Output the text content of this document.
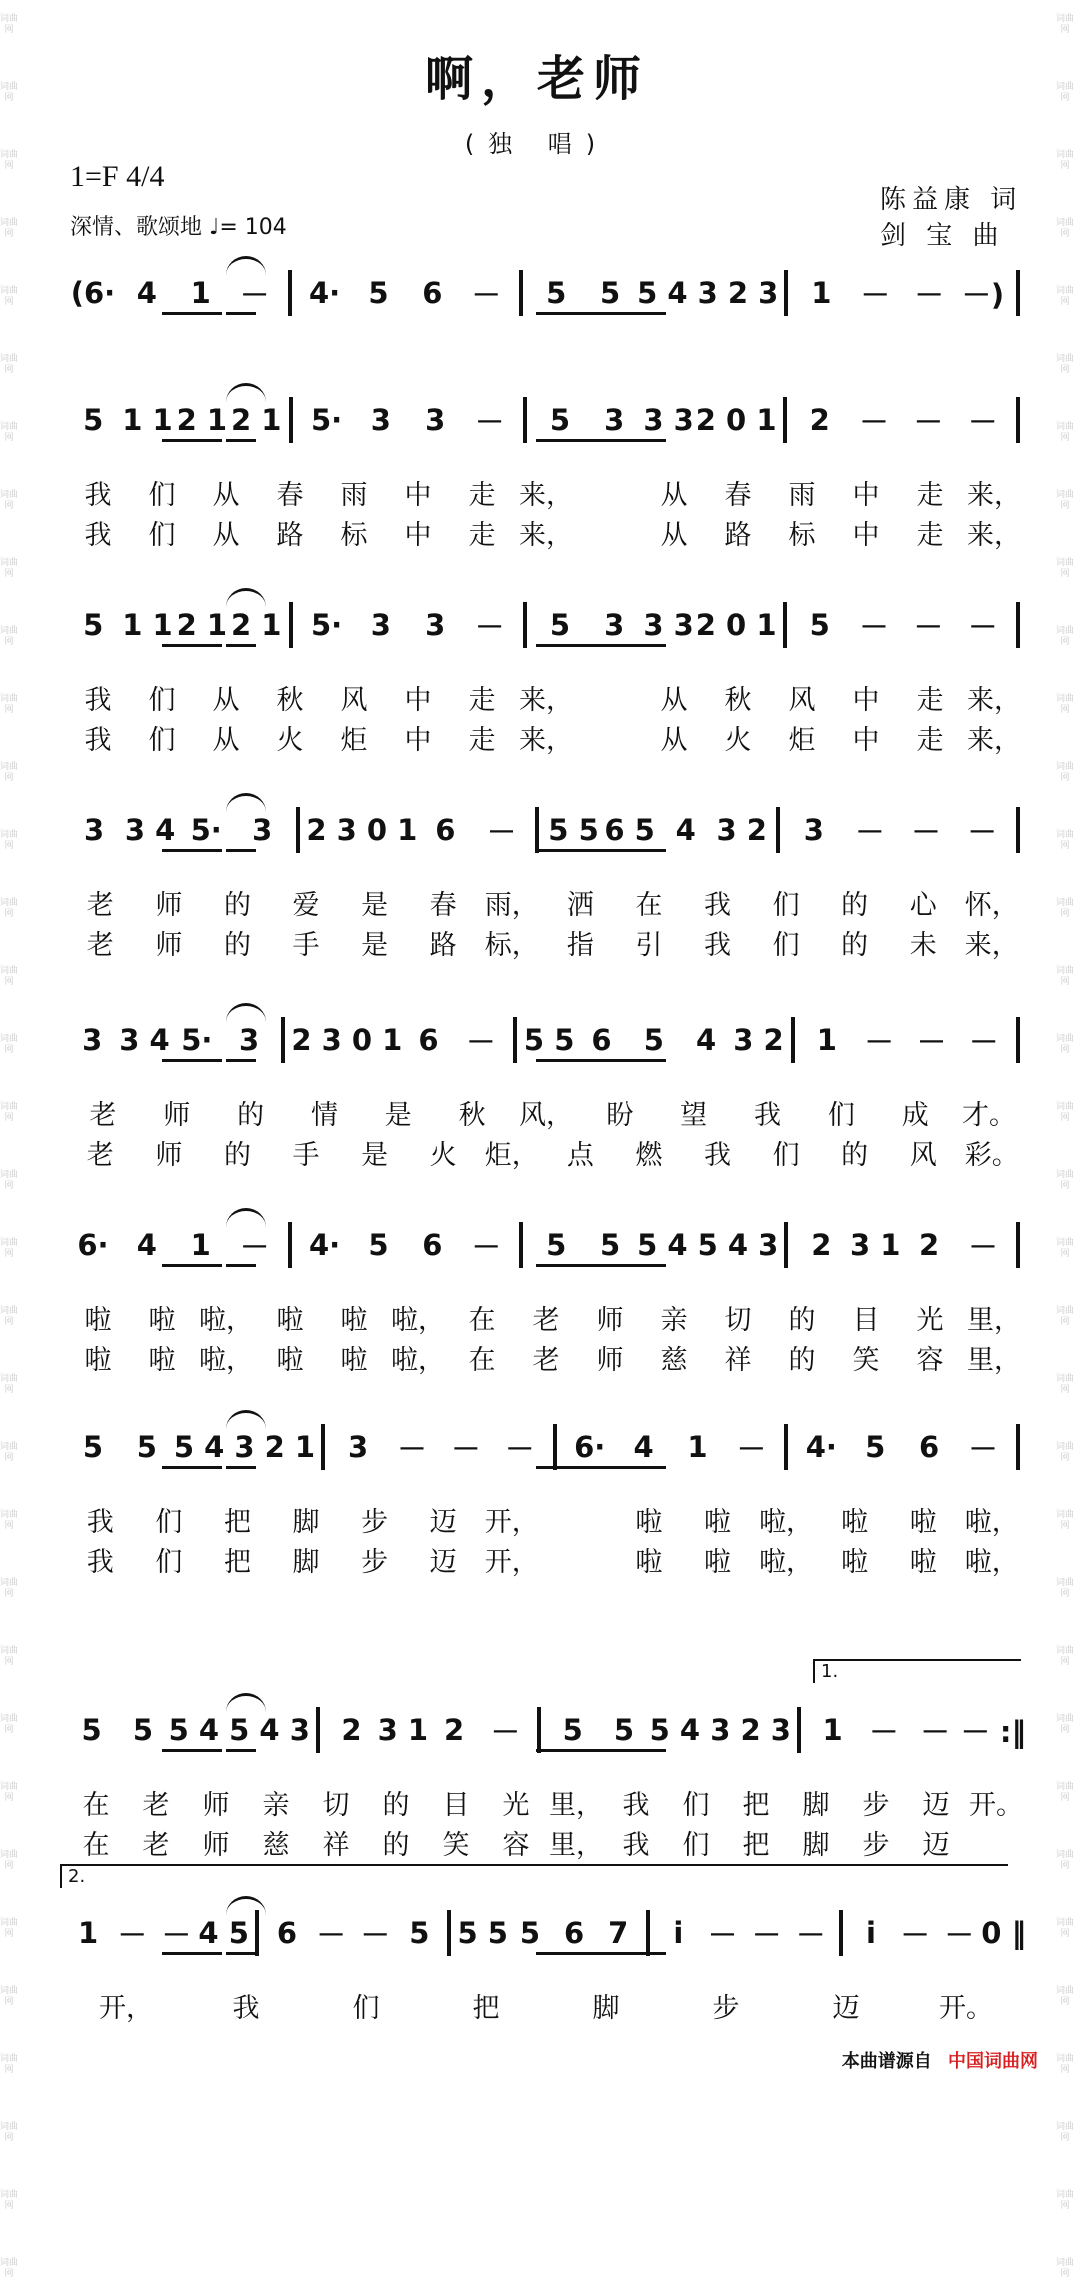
词曲网
词曲网
词曲网
词曲网
词曲网
词曲网
词曲网
词曲网
词曲网
词曲网
词曲网
词曲网
词曲网
词曲网
词曲网
词曲网
词曲网
词曲网
词曲网
词曲网
词曲网
词曲网
词曲网
词曲网
词曲网
词曲网
词曲网
词曲网
词曲网
词曲网
词曲网
词曲网
词曲网
词曲网
词曲网
词曲网
词曲网
词曲网
词曲网
词曲网
词曲网
词曲网
词曲网
词曲网
词曲网
词曲网
词曲网
词曲网
词曲网
词曲网
词曲网
词曲网
词曲网
词曲网
词曲网
词曲网
词曲网
词曲网
词曲网
词曲网
词曲网
词曲网
词曲网
词曲网
词曲网
词曲网
词曲网
词曲网
啊，老师
(独 唱)
1=F 4/4
深情、歌颂地 ♩= 104
陈益康 词
剑 宝 曲
(6· 4	1	－	4· 5	6	－	5	5 5 4 3 2 3	1	－ － －)
5 1 1 2 1 2 1	5· 3	3	－	5	3 3 3 2 0 1	2	－ － －
我	们	从	春	雨	中	走 来，	从	春	雨	中	走 来，
我	们	从	路	标	中	走 来，	从	路	标	中	走 来，
5 1 1 2 1 2 1	5· 3	3	－	5	3 3 3 2 0 1	5	－ － －
我	们	从	秋	风	中	走 来，	从	秋	风	中	走 来，
我	们	从	火	炬	中	走 来，	从	火	炬	中	走 来，
3 3 4 5·	3	2 3 0 1 6	－	5 5 6 5 4 3 2	3	－ － －
老	师	的	爱	是	春	雨，	洒	在	我	们	的	心	怀，
老	师	的	手	是	路	标，	指	引	我	们	的	未	来，
3 3 4 5· 3	2 3 0 1 6 － 5 5 6	5	4 3 2	1 － － －
老	师	的	情	是	秋	风，	盼	望	我	们	成	才。
老	师	的	手	是	火	炬，	点	燃	我	们	的	风	彩。
6· 4	1	－	4· 5	6	－	5	5 5 4 5 4 3	2 3 1 2	－
啦	啦 啦， 啦	啦 啦， 在	老	师	亲	切	的	目	光 里，
啦	啦 啦， 啦	啦 啦， 在	老	师	慈	祥	的	笑	容 里，
5	5 5 4 3 2 1	3	－ － －	6· 4	1	－	4· 5	6	－
我	们	把	脚	步	迈	开，	啦	啦	啦，	啦	啦	啦，
我	们	把	脚	步	迈	开，	啦	啦	啦，	啦	啦	啦，
1.
5	5 5 4 5 4 3	2 3 1 2 －	5	5 5 4 3 2 3	1 － － － :‖
在	老	师	亲	切	的	目	光 里， 我	们	把	脚	步	迈 开。
在	老	师	慈	祥	的	笑	容 里， 我	们	把	脚	步	迈
2.
1 － － 4 5 6 － － 5 5 5 5 6 7	i － － －	i － － 0 ‖
开，	我	们	把	脚	步	迈	开。
本曲谱源自 中国词曲网
